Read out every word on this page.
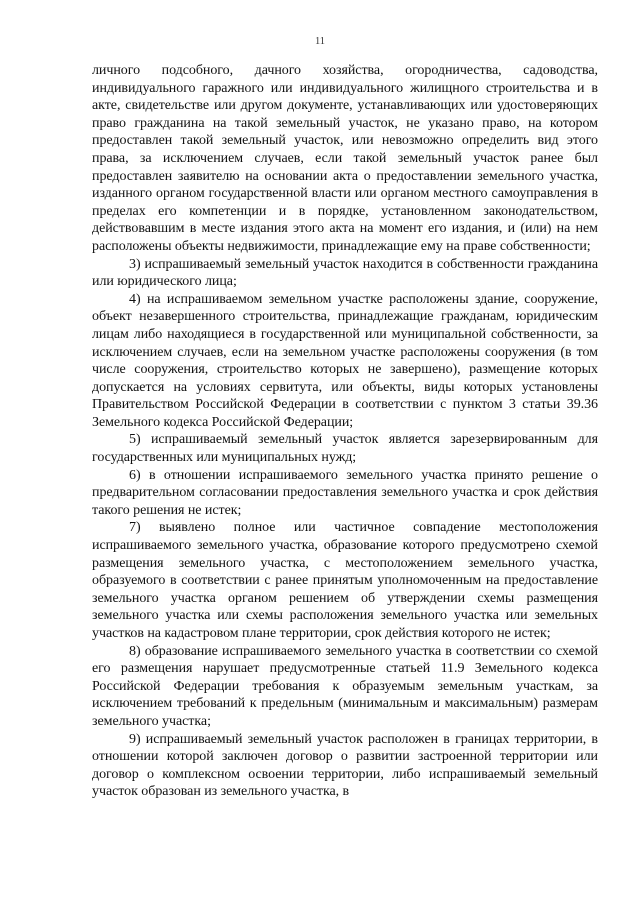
11

личного подсобного, дачного хозяйства, огородничества, садоводства, индивидуального гаражного или индивидуального жилищного строительства и в акте, свидетельстве или другом документе, устанавливающих или удостоверяющих право гражданина на такой земельный участок, не указано право, на котором предоставлен такой земельный участок, или невозможно определить вид этого права, за исключением случаев, если такой земельный участок ранее был предоставлен заявителю на основании акта о предоставлении земельного участка, изданного органом государственной власти или органом местного самоуправления в пределах его компетенции и в порядке, установленном законодательством, действовавшим в месте издания этого акта на момент его издания, и (или) на нем расположены объекты недвижимости, принадлежащие ему на праве собственности;

3) испрашиваемый земельный участок находится в собственности гражданина или юридического лица;

4) на испрашиваемом земельном участке расположены здание, сооружение, объект незавершенного строительства, принадлежащие гражданам, юридическим лицам либо находящиеся в государственной или муниципальной собственности, за исключением случаев, если на земельном участке расположены сооружения (в том числе сооружения, строительство которых не завершено), размещение которых допускается на условиях сервитута, или объекты, виды которых установлены Правительством Российской Федерации в соответствии с пунктом 3 статьи 39.36 Земельного кодекса Российской Федерации;

5) испрашиваемый земельный участок является зарезервированным для государственных или муниципальных нужд;

6) в отношении испрашиваемого земельного участка принято решение о предварительном согласовании предоставления земельного участка и срок действия такого решения не истек;

7) выявлено полное или частичное совпадение местоположения испрашиваемого земельного участка, образование которого предусмотрено схемой размещения земельного участка, с местоположением земельного участка, образуемого в соответствии с ранее принятым уполномоченным на предоставление земельного участка органом решением об утверждении схемы размещения земельного участка или схемы расположения земельного участка или земельных участков на кадастровом плане территории, срок действия которого не истек;

8) образование испрашиваемого земельного участка в соответствии со схемой его размещения нарушает предусмотренные статьей 11.9 Земельного кодекса Российской Федерации требования к образуемым земельным участкам, за исключением требований к предельным (минимальным и максимальным) размерам земельного участка;

9) испрашиваемый земельный участок расположен в границах территории, в отношении которой заключен договор о развитии застроенной территории или договор о комплексном освоении территории, либо испрашиваемый земельный участок образован из земельного участка, в
